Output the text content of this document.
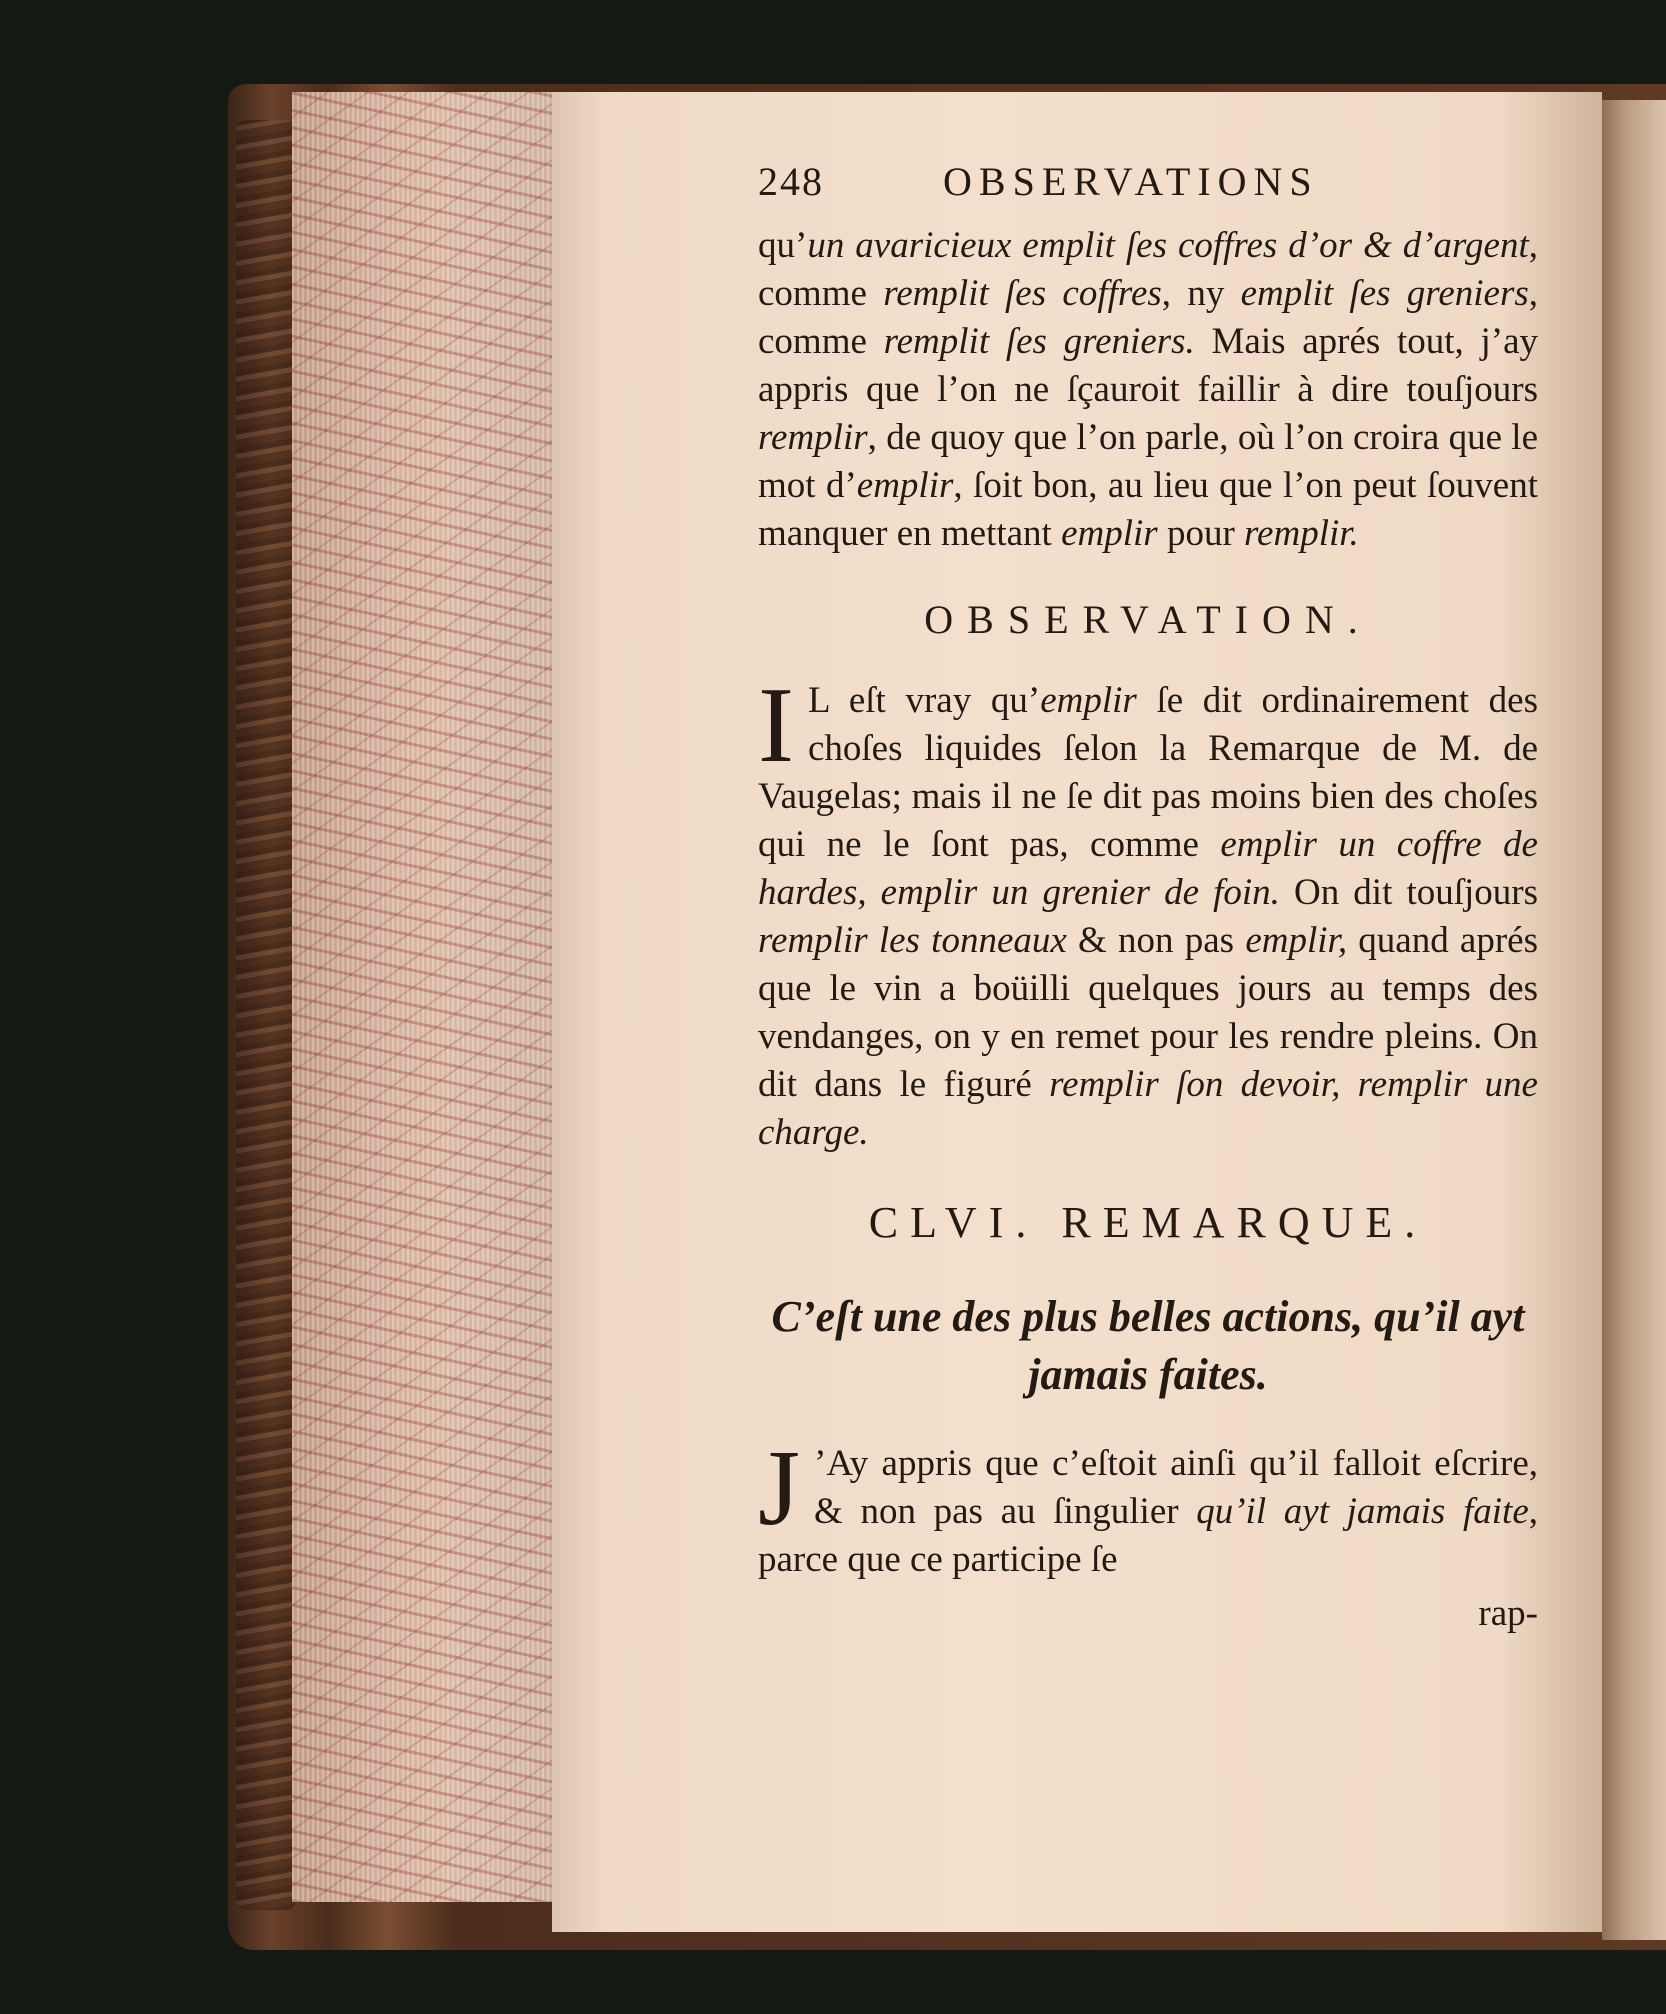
248	OBSERVATIONS

qu’un avaricieux emplit ſes coffres d’or & d’argent, comme remplit ſes coffres, ny emplit ſes greniers, comme remplit ſes greniers. Mais aprés tout, j’ay appris que l’on ne ſçauroit faillir à dire touſjours remplir, de quoy que l’on parle, où l’on croira que le mot d’emplir, ſoit bon, au lieu que l’on peut ſouvent manquer en mettant emplir pour remplir.

OBSERVATION.

I L eſt vray qu’emplir ſe dit ordinairement des choſes liquides ſelon la Remarque de M. de Vaugelas; mais il ne ſe dit pas moins bien des choſes qui ne le ſont pas, comme emplir un coffre de hardes, emplir un grenier de foin. On dit touſjours remplir les tonneaux & non pas emplir, quand aprés que le vin a boüilli quelques jours au temps des vendanges, on y en remet pour les rendre pleins. On dit dans le figuré remplir ſon devoir, remplir une charge.

CLVI. REMARQUE.
C’eſt une des plus belles actions, qu’il ayt jamais faites.

J ’Ay appris que c’eſtoit ainſi qu’il falloit eſcrire, & non pas au ſingulier qu’il ayt jamais faite, parce que ce participe ſe

rap-
